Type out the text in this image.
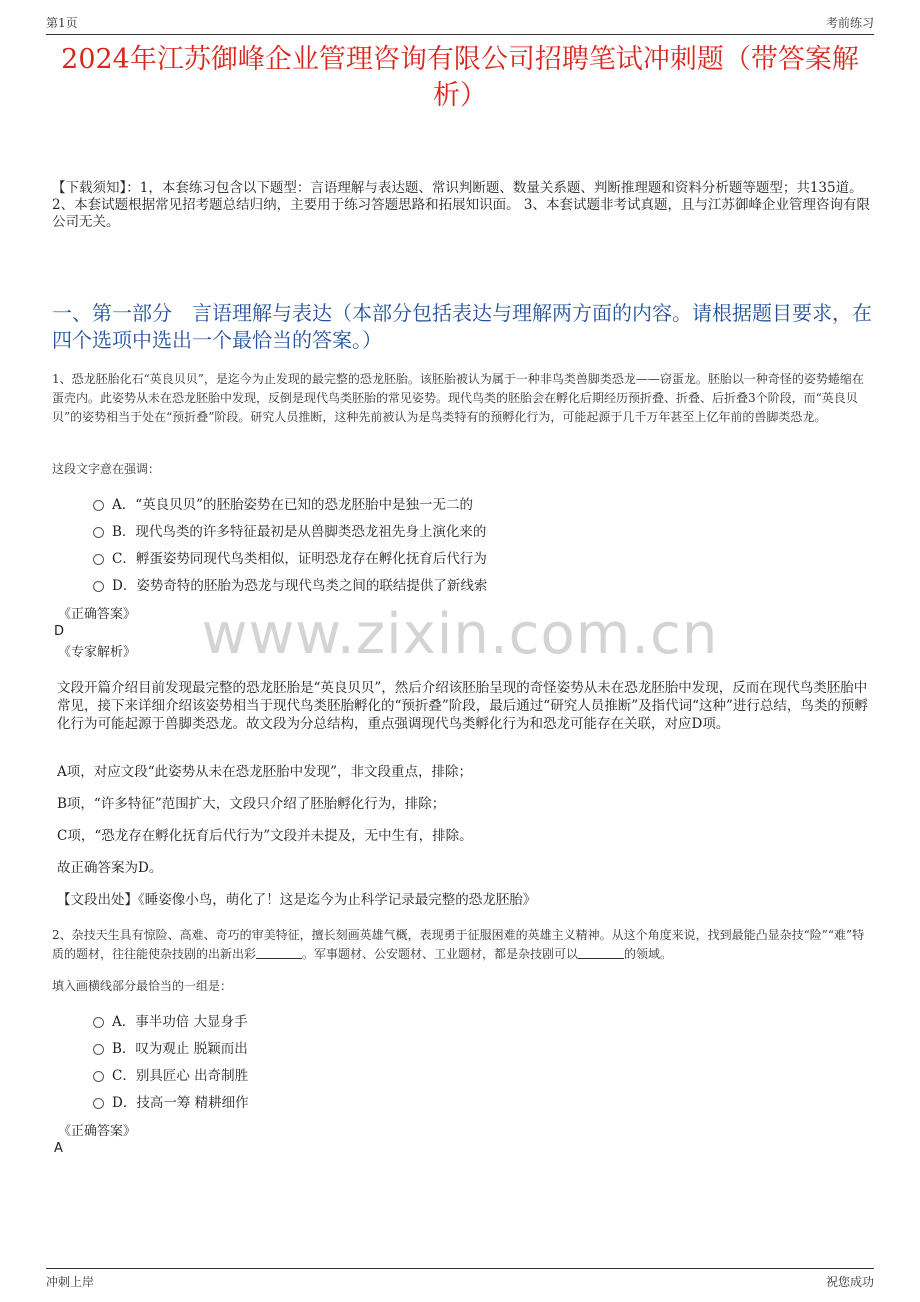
第1页	考前练习
2024年江苏御峰企业管理咨询有限公司招聘笔试冲刺题（带答案解析）
【下载须知】：1，本套练习包含以下题型：言语理解与表达题、常识判断题、数量关系题、判断推理题和资料分析题等题型；共135道。 2、本套试题根据常见招考题总结归纳，主要用于练习答题思路和拓展知识面。 3、本套试题非考试真题，且与江苏御峰企业管理咨询有限公司无关。
一、第一部分　言语理解与表达（本部分包括表达与理解两方面的内容。请根据题目要求，在四个选项中选出一个最恰当的答案。）
1、恐龙胚胎化石“英良贝贝”，是迄今为止发现的最完整的恐龙胚胎。该胚胎被认为属于一种非鸟类兽脚类恐龙——窃蛋龙。胚胎以一种奇怪的姿势蜷缩在蛋壳内。此姿势从未在恐龙胚胎中发现，反倒是现代鸟类胚胎的常见姿势。现代鸟类的胚胎会在孵化后期经历预折叠、折叠、后折叠3个阶段，而“英良贝贝”的姿势相当于处在“预折叠”阶段。研究人员推断，这种先前被认为是鸟类特有的预孵化行为，可能起源于几千万年甚至上亿年前的兽脚类恐龙。
这段文字意在强调：
A．“英良贝贝”的胚胎姿势在已知的恐龙胚胎中是独一无二的
B．现代鸟类的许多特征最初是从兽脚类恐龙祖先身上演化来的
C．孵蛋姿势同现代鸟类相似，证明恐龙存在孵化抚育后代行为
D．姿势奇特的胚胎为恐龙与现代鸟类之间的联结提供了新线索
《正确答案》
D
《专家解析》	www.zixin.com.cn
文段开篇介绍目前发现最完整的恐龙胚胎是“英良贝贝”，然后介绍该胚胎呈现的奇怪姿势从未在恐龙胚胎中发现，反而在现代鸟类胚胎中常见，接下来详细介绍该姿势相当于现代鸟类胚胎孵化的“预折叠”阶段，最后通过“研究人员推断”及指代词“这种”进行总结，鸟类的预孵化行为可能起源于兽脚类恐龙。故文段为分总结构，重点强调现代鸟类孵化行为和恐龙可能存在关联，对应D项。
A项，对应文段“此姿势从未在恐龙胚胎中发现”，非文段重点，排除；
B项，“许多特征”范围扩大，文段只介绍了胚胎孵化行为，排除；
C项，“恐龙存在孵化抚育后代行为”文段并未提及，无中生有，排除。
故正确答案为D。
【文段出处】《睡姿像小鸟，萌化了！这是迄今为止科学记录最完整的恐龙胚胎》
2、杂技天生具有惊险、高难、奇巧的审美特征，擅长刻画英雄气概，表现勇于征服困难的英雄主义精神。从这个角度来说，找到最能凸显杂技“险”“难”特质的题材，往往能使杂技剧的出新出彩	。军事题材、公安题材、工业题材，都是杂技剧可以	的领域。
填入画横线部分最恰当的一组是：
A．事半功倍 大显身手
B．叹为观止 脱颖而出
C．别具匠心 出奇制胜
D．技高一筹 精耕细作
《正确答案》
A
冲刺上岸	祝您成功
